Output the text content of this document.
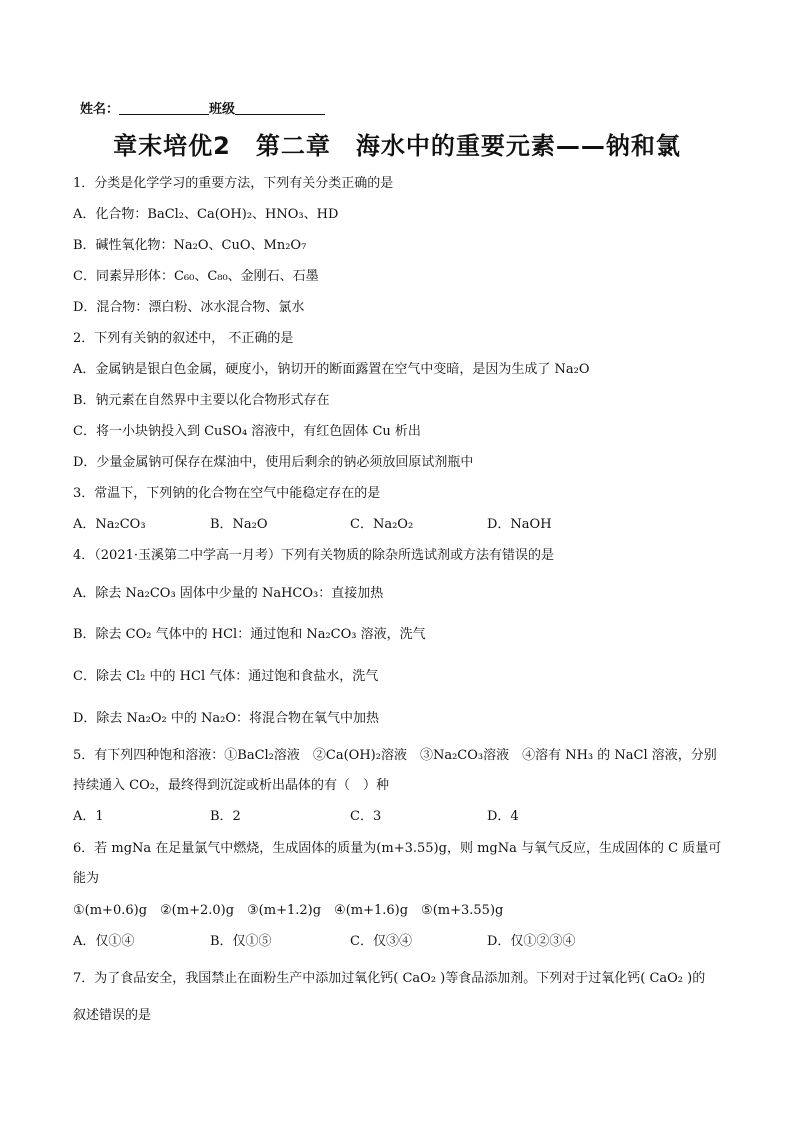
姓名：	班级
章末培优2　第二章　海水中的重要元素——钠和氯
1．分类是化学学习的重要方法，下列有关分类正确的是
A．化合物：BaCl₂、Ca(OH)₂、HNO₃、HD
B．碱性氧化物：Na₂O、CuO、Mn₂O₇
C．同素异形体：C₆₀、C₈₀、金刚石、石墨
D．混合物：漂白粉、冰水混合物、氯水
2．下列有关钠的叙述中， 不正确的是
A．金属钠是银白色金属，硬度小，钠切开的断面露置在空气中变暗，是因为生成了 Na₂O
B．钠元素在自然界中主要以化合物形式存在
C．将一小块钠投入到 CuSO₄ 溶液中，有红色固体 Cu 析出
D．少量金属钠可保存在煤油中，使用后剩余的钠必须放回原试剂瓶中
3．常温下，下列钠的化合物在空气中能稳定存在的是
A．Na₂CO₃	B．Na₂O	C．Na₂O₂	D．NaOH
4．（2021·玉溪第二中学高一月考）下列有关物质的除杂所选试剂或方法有错误的是
A．除去 Na₂CO₃ 固体中少量的 NaHCO₃：直接加热
B．除去 CO₂ 气体中的 HCl：通过饱和 Na₂CO₃ 溶液，洗气
C．除去 Cl₂ 中的 HCl 气体：通过饱和食盐水，洗气
D．除去 Na₂O₂ 中的 Na₂O：将混合物在氧气中加热
5．有下列四种饱和溶液：①BaCl₂溶液　②Ca(OH)₂溶液　③Na₂CO₃溶液　④溶有 NH₃ 的 NaCl 溶液，分别
持续通入 CO₂，最终得到沉淀或析出晶体的有（　）种
A．1	B．2	C．3	D．4
6．若 mgNa 在足量氯气中燃烧，生成固体的质量为(m+3.55)g，则 mgNa 与氧气反应，生成固体的 C 质量可
能为
①(m+0.6)g　②(m+2.0)g　③(m+1.2)g　④(m+1.6)g　⑤(m+3.55)g
A．仅①④	B．仅①⑤	C．仅③④	D．仅①②③④
7．为了食品安全，我国禁止在面粉生产中添加过氧化钙( CaO₂ )等食品添加剂。下列对于过氧化钙( CaO₂ )的
叙述错误的是
